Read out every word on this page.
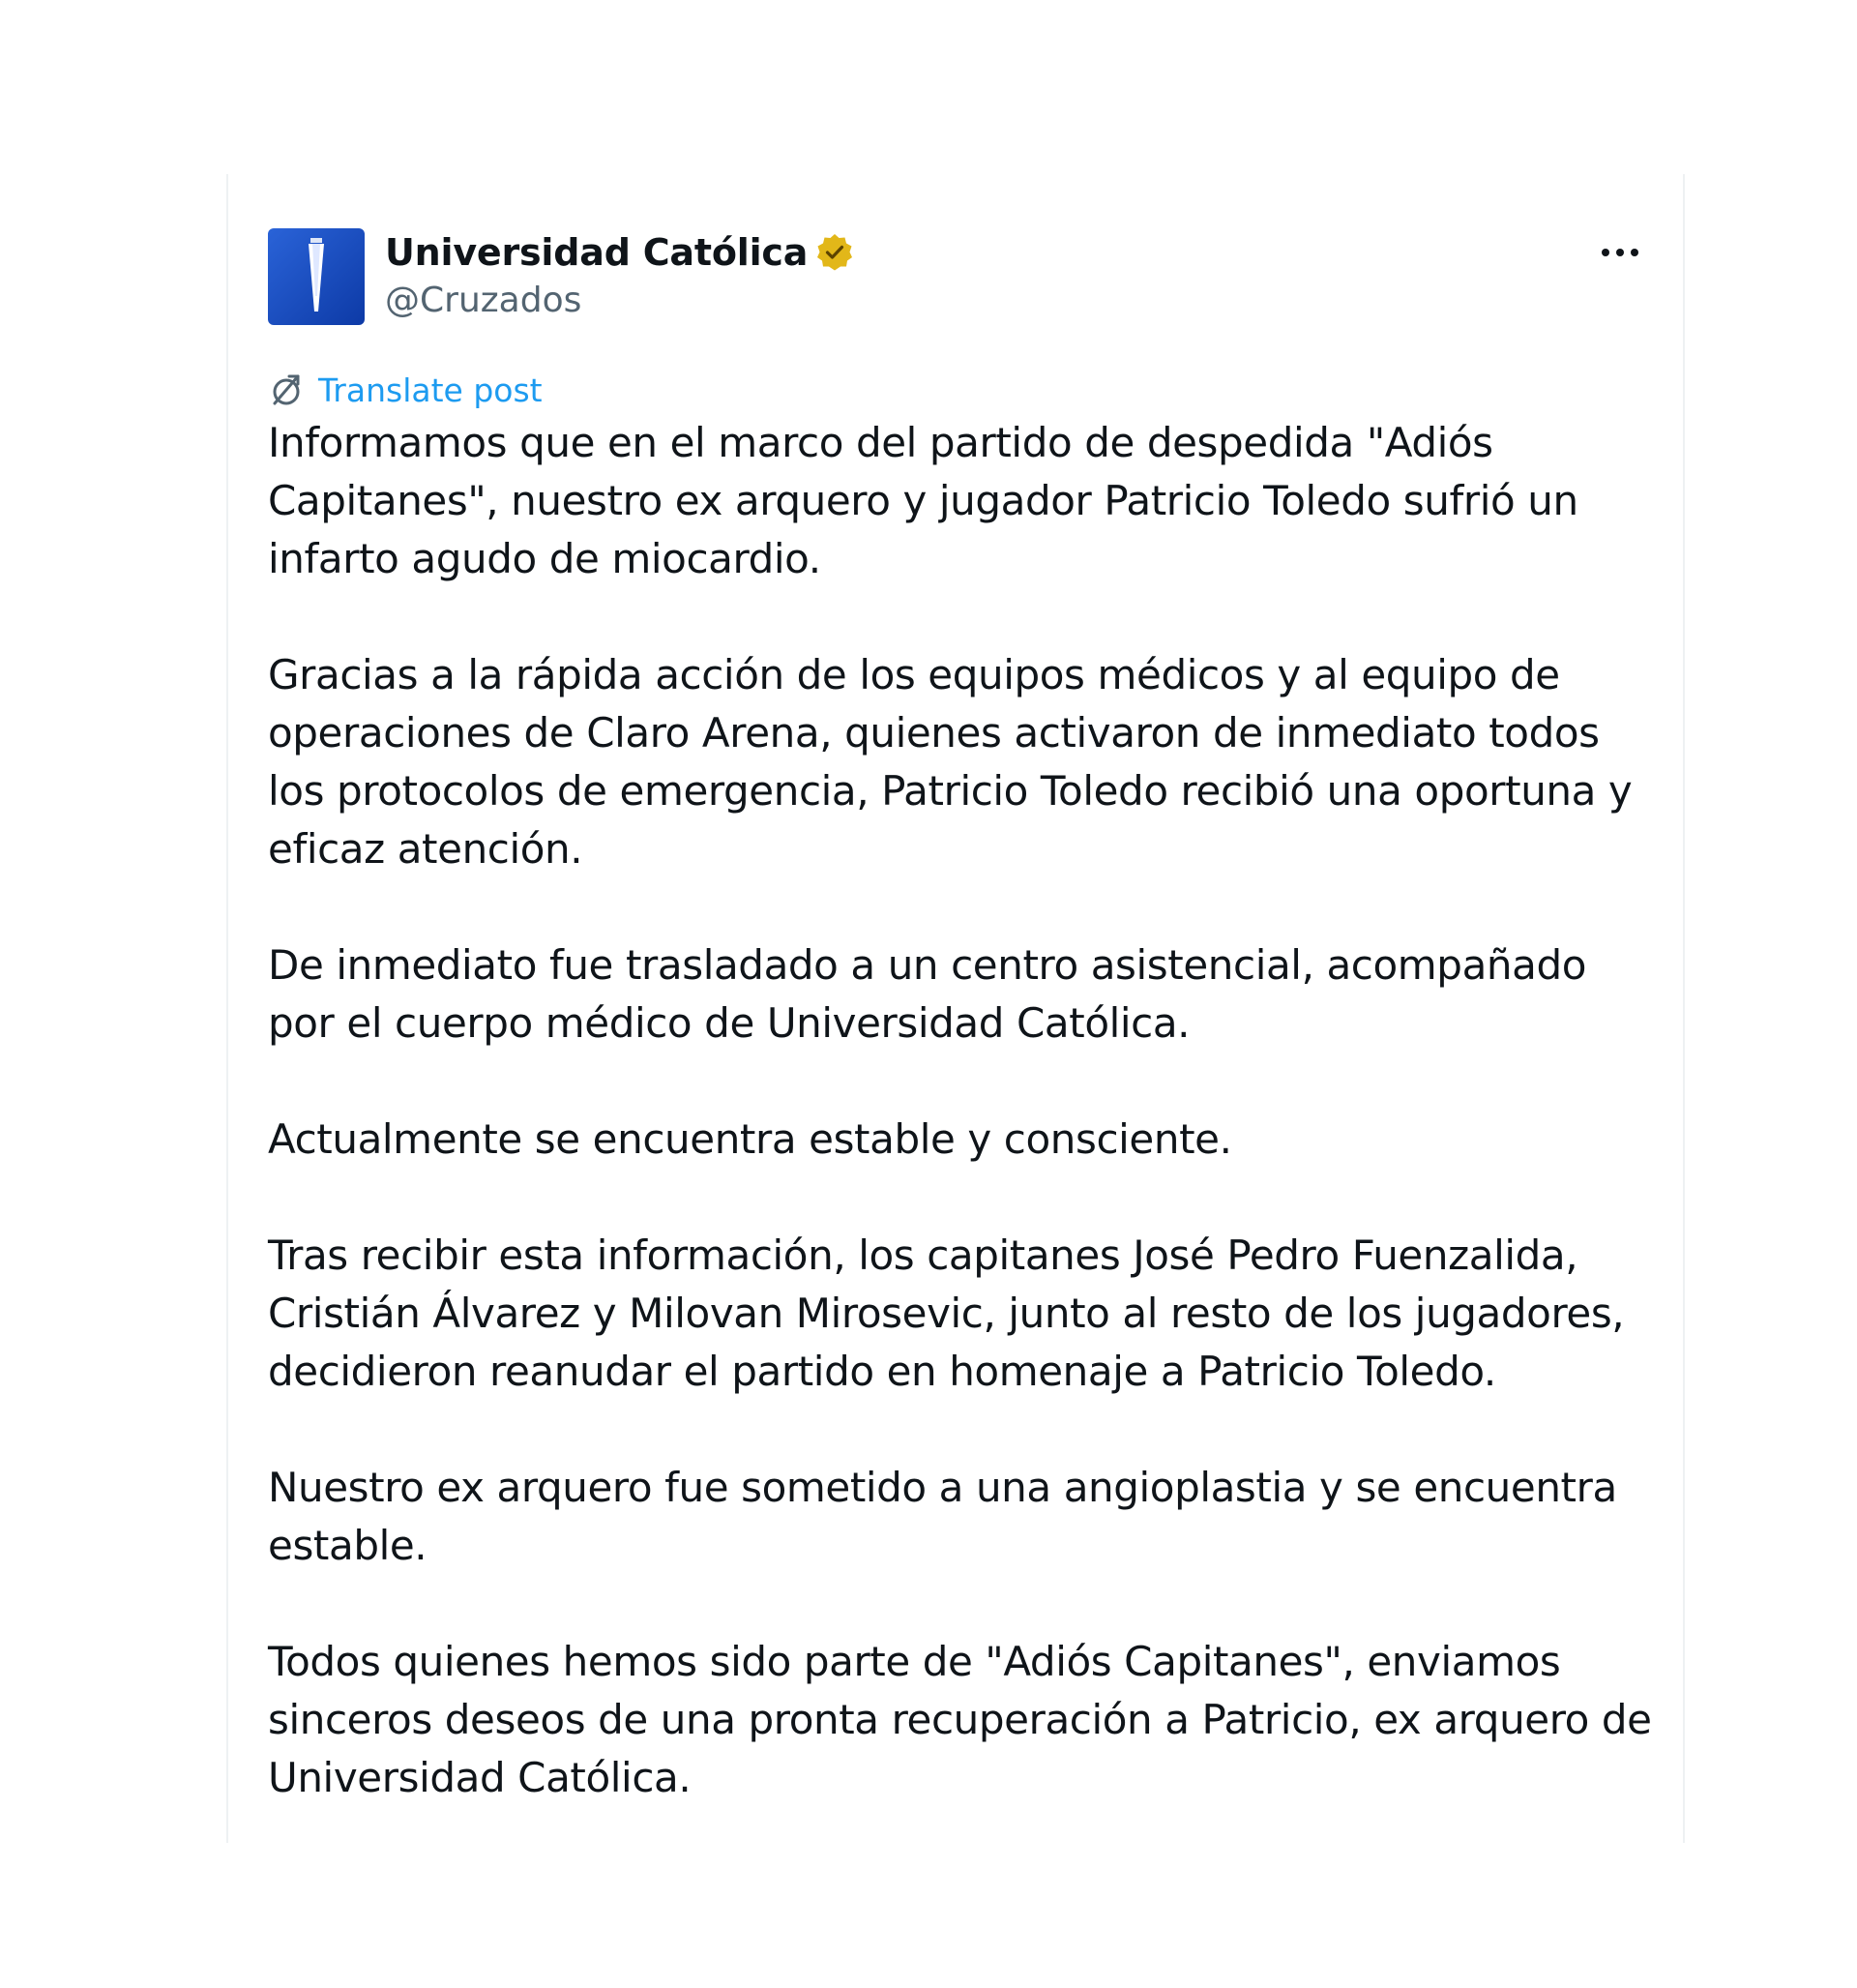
Universidad Católica
@Cruzados
Translate post

Informamos que en el marco del partido de despedida "Adiós Capitanes", nuestro ex arquero y jugador Patricio Toledo sufrió un infarto agudo de miocardio.

Gracias a la rápida acción de los equipos médicos y al equipo de operaciones de Claro Arena, quienes activaron de inmediato todos los protocolos de emergencia, Patricio Toledo recibió una oportuna y eficaz atención.

De inmediato fue trasladado a un centro asistencial, acompañado por el cuerpo médico de Universidad Católica.

Actualmente se encuentra estable y consciente.

Tras recibir esta información, los capitanes José Pedro Fuenzalida, Cristián Álvarez y Milovan Mirosevic, junto al resto de los jugadores, decidieron reanudar el partido en homenaje a Patricio Toledo.

Nuestro ex arquero fue sometido a una angioplastia y se encuentra estable.

Todos quienes hemos sido parte de "Adiós Capitanes", enviamos sinceros deseos de una pronta recuperación a Patricio, ex arquero de Universidad Católica.
